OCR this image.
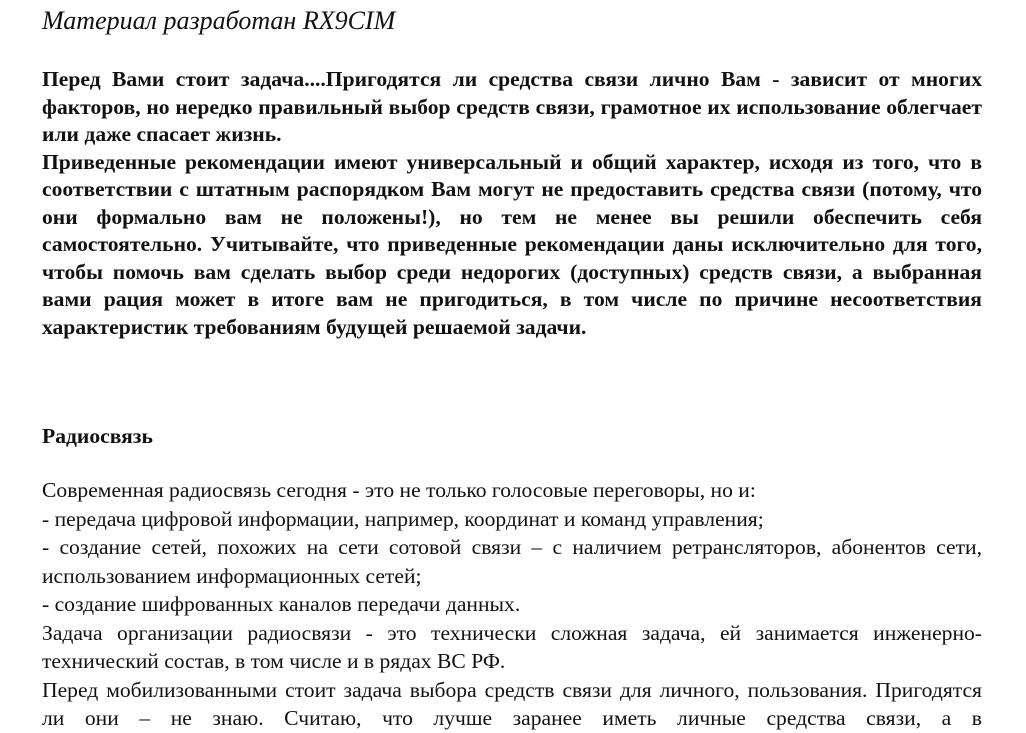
Материал разработан RX9CIM

Перед Вами стоит задача....Пригодятся ли средства связи лично Вам - зависит от многих факторов, но нередко правильный выбор средств связи, грамотное их использование облегчает или даже спасает жизнь.

Приведенные рекомендации имеют универсальный и общий характер, исходя из того, что в соответствии с штатным распорядком Вам могут не предоставить средства связи (потому, что они формально вам не положены!), но тем не менее вы решили обеспечить себя самостоятельно. Учитывайте, что приведенные рекомендации даны исключительно для того, чтобы помочь вам сделать выбор среди недорогих (доступных) средств связи, а выбранная вами рация может в итоге вам не пригодиться, в том числе по причине несоответствия характеристик требованиям будущей решаемой задачи.

Радиосвязь

Современная радиосвязь сегодня - это не только голосовые переговоры, но и:

- передача цифровой информации, например, координат и команд управления;

- создание сетей, похожих на сети сотовой связи – с наличием ретрансляторов, абонентов сети, использованием информационных сетей;

- создание шифрованных каналов передачи данных.

Задача организации радиосвязи - это технически сложная задача, ей занимается инженерно-технический состав, в том числе и в рядах ВС РФ.

Перед мобилизованными стоит задача выбора средств связи для личного, пользования. Пригодятся ли они – не знаю. Считаю, что лучше заранее иметь личные средства связи, а в
